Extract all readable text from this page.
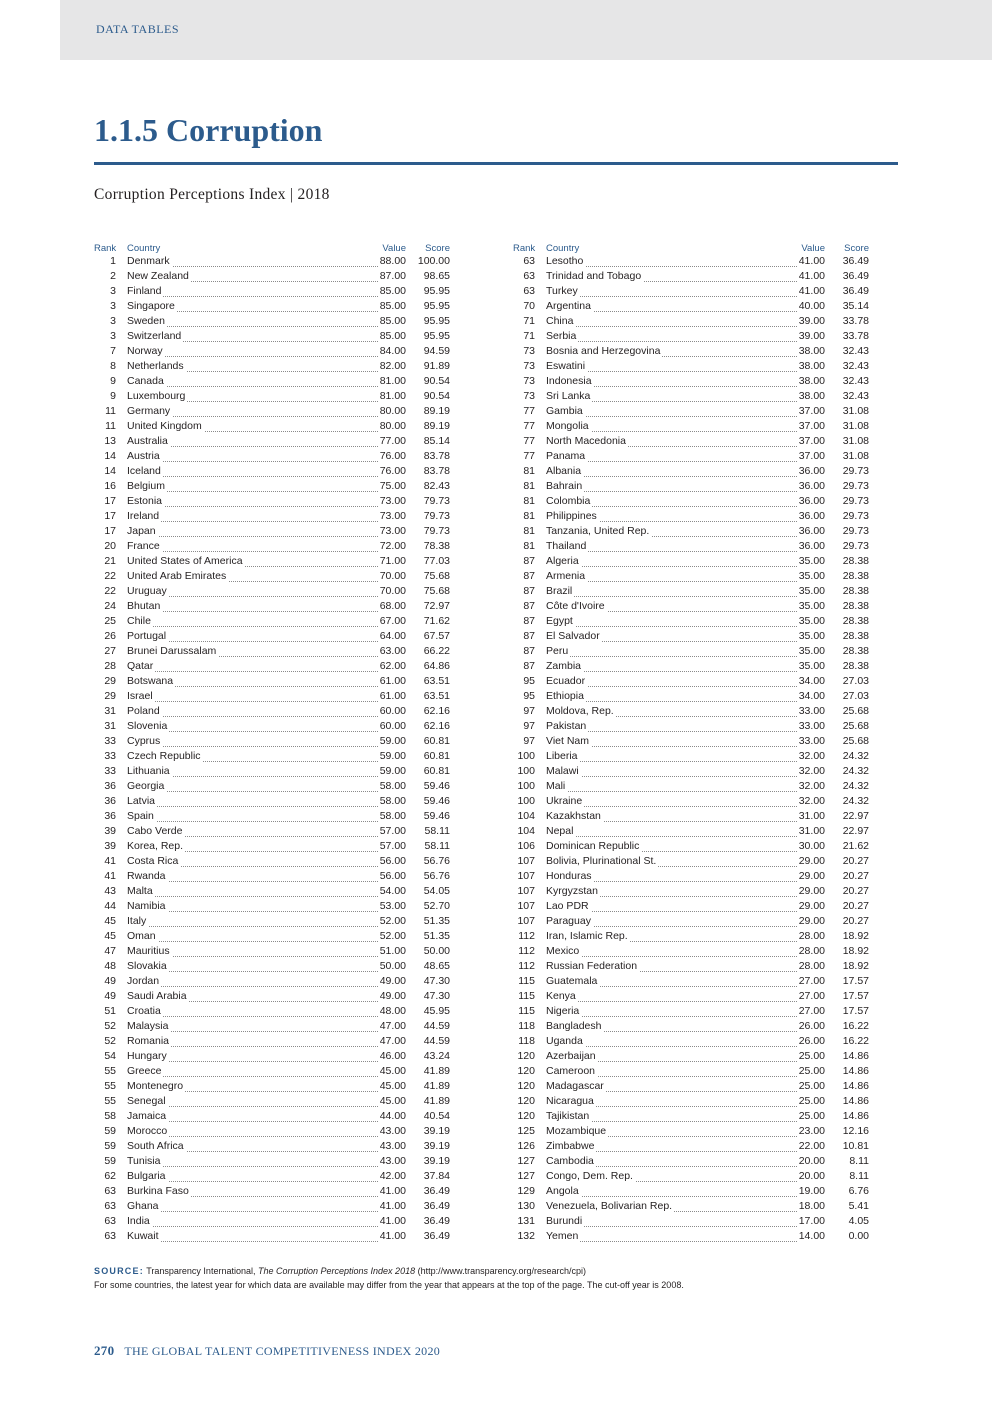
DATA TABLES
1.1.5 Corruption
Corruption Perceptions Index | 2018
Rank Country	Value Score
1 Denmark	88.00 100.00
2 New Zealand	87.00 98.65
3 Finland	85.00 95.95
3 Singapore	85.00 95.95
3 Sweden	85.00 95.95
3 Switzerland	85.00 95.95
7 Norway	84.00 94.59
8 Netherlands	82.00 91.89
9 Canada	81.00 90.54
9 Luxembourg	81.00 90.54
11 Germany	80.00 89.19
11 United Kingdom	80.00 89.19
13 Australia	77.00 85.14
14 Austria	76.00 83.78
14 Iceland	76.00 83.78
16 Belgium	75.00 82.43
17 Estonia	73.00 79.73
17 Ireland	73.00 79.73
17 Japan	73.00 79.73
20 France	72.00 78.38
21 United States of America	71.00 77.03
22 United Arab Emirates	70.00 75.68
22 Uruguay	70.00 75.68
24 Bhutan	68.00 72.97
25 Chile	67.00 71.62
26 Portugal	64.00 67.57
27 Brunei Darussalam	63.00 66.22
28 Qatar	62.00 64.86
29 Botswana	61.00 63.51
29 Israel	61.00 63.51
31 Poland	60.00 62.16
31 Slovenia	60.00 62.16
33 Cyprus	59.00 60.81
33 Czech Republic	59.00 60.81
33 Lithuania	59.00 60.81
36 Georgia	58.00 59.46
36 Latvia	58.00 59.46
36 Spain	58.00 59.46
39 Cabo Verde	57.00 58.11
39 Korea, Rep.	57.00 58.11
41 Costa Rica	56.00 56.76
41 Rwanda	56.00 56.76
43 Malta	54.00 54.05
44 Namibia	53.00 52.70
45 Italy	52.00 51.35
45 Oman	52.00 51.35
47 Mauritius	51.00 50.00
48 Slovakia	50.00 48.65
49 Jordan	49.00 47.30
49 Saudi Arabia	49.00 47.30
51 Croatia	48.00 45.95
52 Malaysia	47.00 44.59
52 Romania	47.00 44.59
54 Hungary	46.00 43.24
55 Greece	45.00 41.89
55 Montenegro	45.00 41.89
55 Senegal	45.00 41.89
58 Jamaica	44.00 40.54
59 Morocco	43.00 39.19
59 South Africa	43.00 39.19
59 Tunisia	43.00 39.19
62 Bulgaria	42.00 37.84
63 Burkina Faso	41.00 36.49
63 Ghana	41.00 36.49
63 India	41.00 36.49
63 Kuwait	41.00 36.49
Rank Country	Value Score
63 Lesotho	41.00 36.49
63 Trinidad and Tobago	41.00 36.49
63 Turkey	41.00 36.49
70 Argentina	40.00 35.14
71 China	39.00 33.78
71 Serbia	39.00 33.78
73 Bosnia and Herzegovina	38.00 32.43
73 Eswatini	38.00 32.43
73 Indonesia	38.00 32.43
73 Sri Lanka	38.00 32.43
77 Gambia	37.00 31.08
77 Mongolia	37.00 31.08
77 North Macedonia	37.00 31.08
77 Panama	37.00 31.08
81 Albania	36.00 29.73
81 Bahrain	36.00 29.73
81 Colombia	36.00 29.73
81 Philippines	36.00 29.73
81 Tanzania, United Rep.	36.00 29.73
81 Thailand	36.00 29.73
87 Algeria	35.00 28.38
87 Armenia	35.00 28.38
87 Brazil	35.00 28.38
87 Côte d'Ivoire	35.00 28.38
87 Egypt	35.00 28.38
87 El Salvador	35.00 28.38
87 Peru	35.00 28.38
87 Zambia	35.00 28.38
95 Ecuador	34.00 27.03
95 Ethiopia	34.00 27.03
97 Moldova, Rep.	33.00 25.68
97 Pakistan	33.00 25.68
97 Viet Nam	33.00 25.68
100 Liberia	32.00 24.32
100 Malawi	32.00 24.32
100 Mali	32.00 24.32
100 Ukraine	32.00 24.32
104 Kazakhstan	31.00 22.97
104 Nepal	31.00 22.97
106 Dominican Republic	30.00 21.62
107 Bolivia, Plurinational St.	29.00 20.27
107 Honduras	29.00 20.27
107 Kyrgyzstan	29.00 20.27
107 Lao PDR	29.00 20.27
107 Paraguay	29.00 20.27
112 Iran, Islamic Rep.	28.00 18.92
112 Mexico	28.00 18.92
112 Russian Federation	28.00 18.92
115 Guatemala	27.00 17.57
115 Kenya	27.00 17.57
115 Nigeria	27.00 17.57
118 Bangladesh	26.00 16.22
118 Uganda	26.00 16.22
120 Azerbaijan	25.00 14.86
120 Cameroon	25.00 14.86
120 Madagascar	25.00 14.86
120 Nicaragua	25.00 14.86
120 Tajikistan	25.00 14.86
125 Mozambique	23.00 12.16
126 Zimbabwe	22.00 10.81
127 Cambodia	20.00 8.11
127 Congo, Dem. Rep.	20.00 8.11
129 Angola	19.00 6.76
130 Venezuela, Bolivarian Rep.	18.00 5.41
131 Burundi	17.00 4.05
132 Yemen	14.00 0.00
SOURCE: Transparency International, The Corruption Perceptions Index 2018 (http://www.transparency.org/research/cpi)
For some countries, the latest year for which data are available may differ from the year that appears at the top of the page. The cut-off year is 2008.
270 THE GLOBAL TALENT COMPETITIVENESS INDEX 2020
